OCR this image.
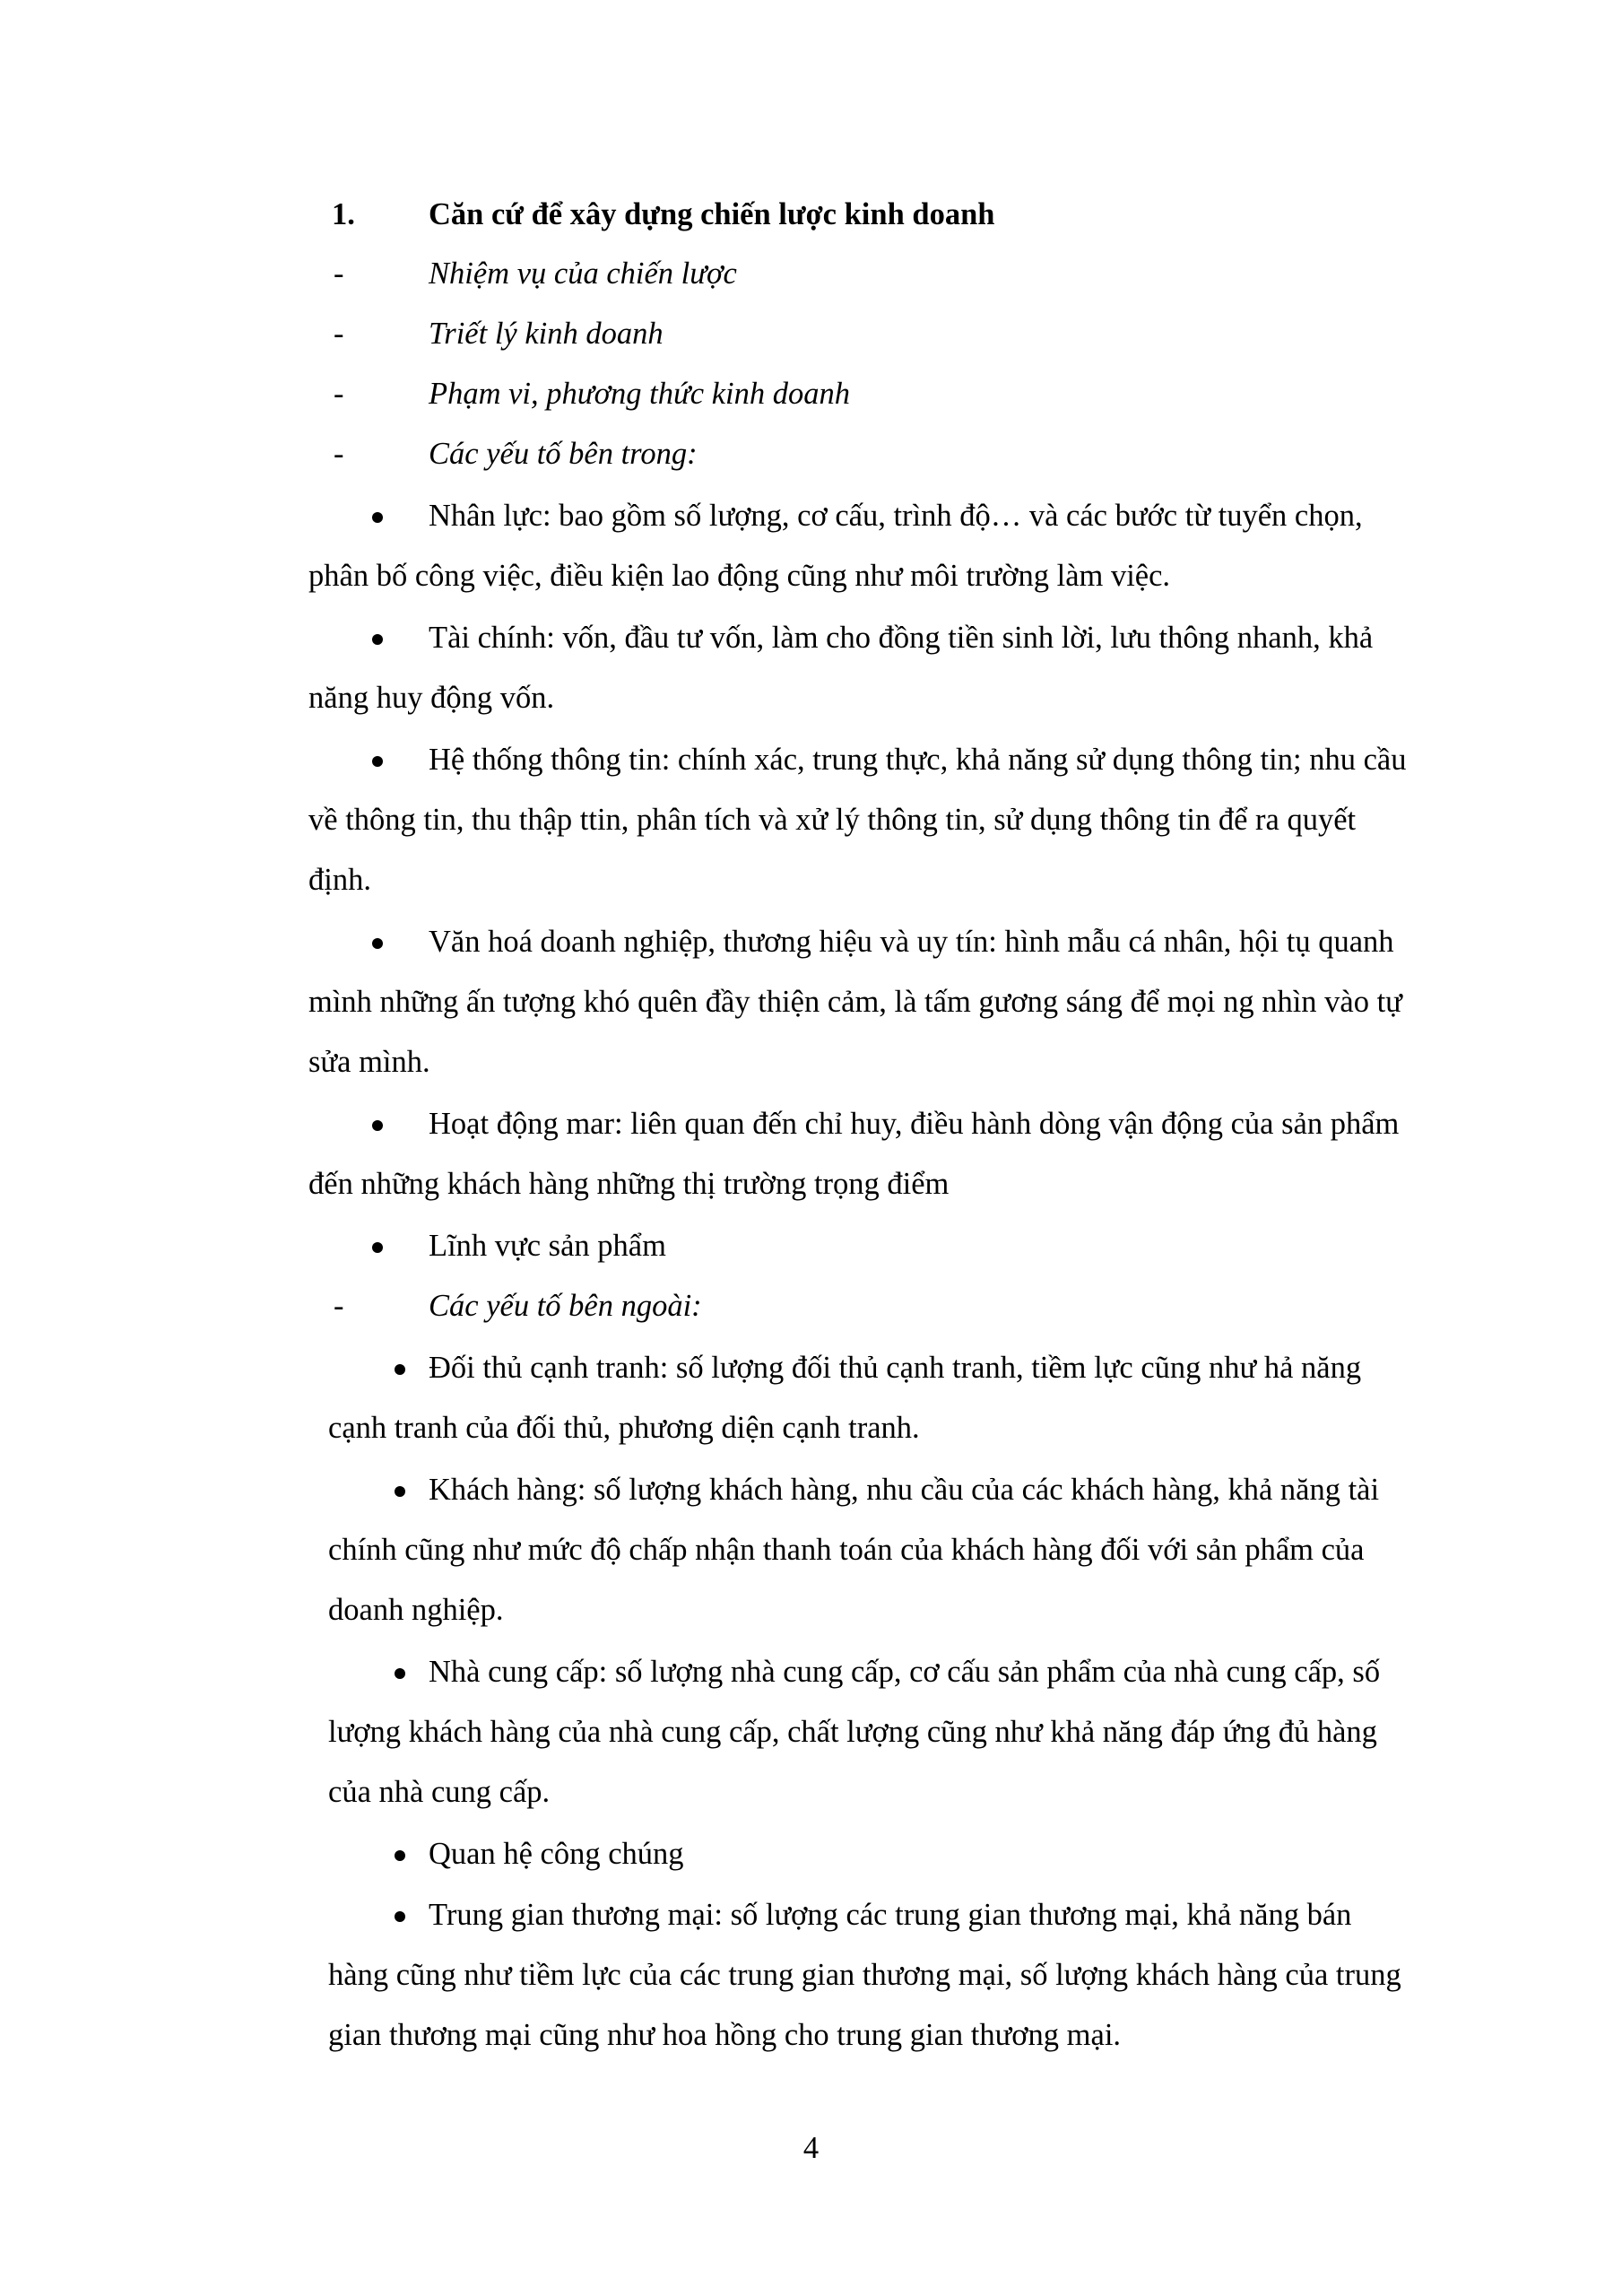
1. Căn cứ để xây dựng chiến lược kinh doanh
-	Nhiệm vụ của chiến lược
-	Triết lý kinh doanh
-	Phạm vi, phương thức kinh doanh
-	Các yếu tố bên trong:
Nhân lực: bao gồm số lượng, cơ cấu, trình độ… và các bước từ tuyển chọn,
phân bố công việc, điều kiện lao động cũng như môi trường làm việc.
Tài chính: vốn, đầu tư vốn, làm cho đồng tiền sinh lời, lưu thông nhanh, khả
năng huy động vốn.
Hệ thống thông tin: chính xác, trung thực, khả năng sử dụng thông tin; nhu cầu
về thông tin, thu thập ttin, phân tích và xử lý thông tin, sử dụng thông tin để ra quyết
định.
Văn hoá doanh nghiệp, thương hiệu và uy tín: hình mẫu cá nhân, hội tụ quanh
mình những ấn tượng khó quên đầy thiện cảm, là tấm gương sáng để mọi ng nhìn vào tự
sửa mình.
Hoạt động mar: liên quan đến chỉ huy, điều hành dòng vận động của sản phẩm
đến những khách hàng những thị trường trọng điểm
Lĩnh vực sản phẩm
-	Các yếu tố bên ngoài:
Đối thủ cạnh tranh: số lượng đối thủ cạnh tranh, tiềm lực cũng như hả năng
cạnh tranh của đối thủ, phương diện cạnh tranh.
Khách hàng: số lượng khách hàng, nhu cầu của các khách hàng, khả năng tài
chính cũng như mức độ chấp nhận thanh toán của khách hàng đối với sản phẩm của
doanh nghiệp.
Nhà cung cấp: số lượng nhà cung cấp, cơ cấu sản phẩm của nhà cung cấp, số
lượng khách hàng của nhà cung cấp, chất lượng cũng như khả năng đáp ứng đủ hàng
của nhà cung cấp.
Quan hệ công chúng
Trung gian thương mại: số lượng các trung gian thương mại, khả năng bán
hàng cũng như tiềm lực của các trung gian thương mại, số lượng khách hàng của trung
gian thương mại cũng như hoa hồng cho trung gian thương mại.
4
